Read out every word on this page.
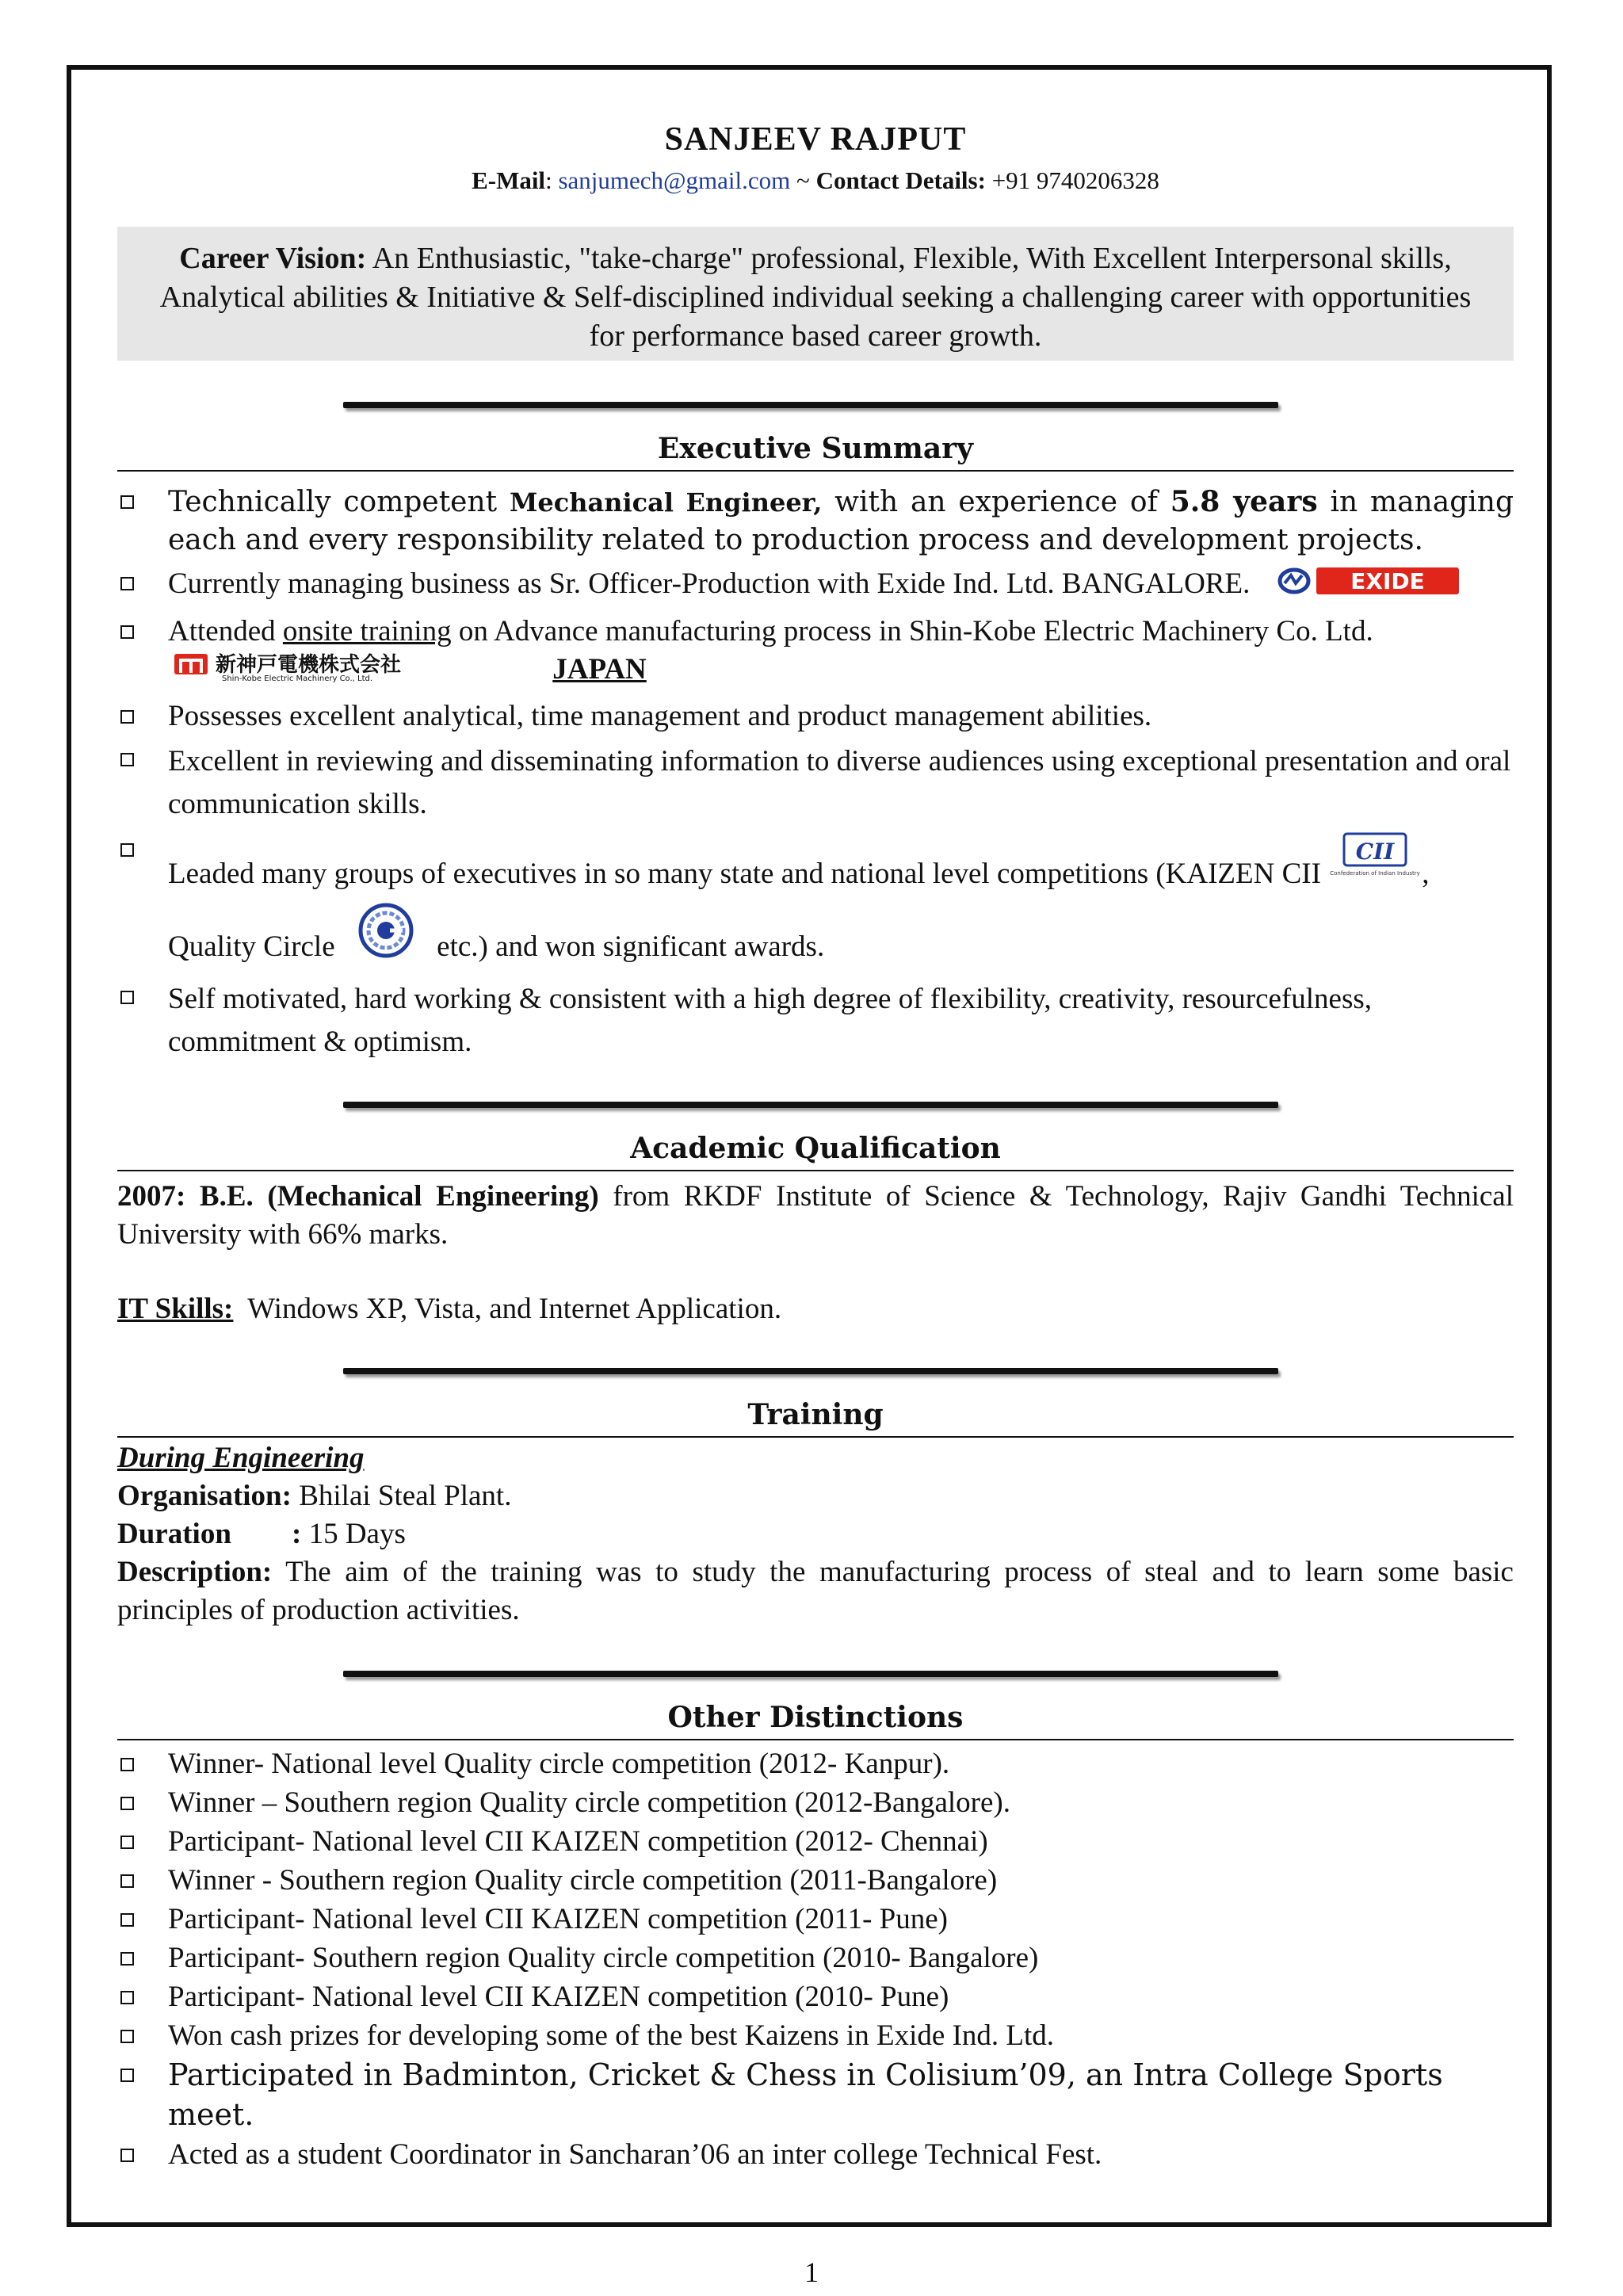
SANJEEV RAJPUT
E-Mail: sanjumech@gmail.com ~ Contact Details: +91 9740206328
Career Vision: An Enthusiastic, "take-charge" professional, Flexible, With Excellent Interpersonal skills, Analytical abilities & Initiative & Self-disciplined individual seeking a challenging career with opportunities for performance based career growth.
Executive Summary
Technically competent Mechanical Engineer, with an experience of 5.8 years in managing each and every responsibility related to production process and development projects.
Currently managing business as Sr. Officer-Production with Exide Ind. Ltd. BANGALORE.	EXIDE
Attended onsite training on Advance manufacturing process in Shin-Kobe Electric Machinery Co. Ltd.
新神戸電機株式会社
Shin-Kobe Electric Machinery Co., Ltd.	JAPAN
Possesses excellent analytical, time management and product management abilities.
Excellent in reviewing and disseminating information to diverse audiences using exceptional presentation and oral communication skills.
Leaded many groups of executives in so many state and national level competitions (KAIZEN CII
CII
Confederation of Indian Industry , Quality Circle	etc.) and won significant awards.
Self motivated, hard working & consistent with a high degree of flexibility, creativity, resourcefulness, commitment & optimism.
Academic Qualification
2007: B.E. (Mechanical Engineering) from RKDF Institute of Science & Technology, Rajiv Gandhi Technical University with 66% marks.
IT Skills: Windows XP, Vista, and Internet Application.
Training
During Engineering
Organisation: Bhilai Steal Plant.
Duration : 15 Days
Description: The aim of the training was to study the manufacturing process of steal and to learn some basic principles of production activities.
Other Distinctions
Winner- National level Quality circle competition (2012- Kanpur).
Winner – Southern region Quality circle competition (2012-Bangalore).
Participant- National level CII KAIZEN competition (2012- Chennai)
Winner - Southern region Quality circle competition (2011-Bangalore)
Participant- National level CII KAIZEN competition (2011- Pune)
Participant- Southern region Quality circle competition (2010- Bangalore)
Participant- National level CII KAIZEN competition (2010- Pune)
Won cash prizes for developing some of the best Kaizens in Exide Ind. Ltd.
Participated in Badminton, Cricket & Chess in Colisium’09, an Intra College Sports meet.
Acted as a student Coordinator in Sancharan’06 an inter college Technical Fest.
1
